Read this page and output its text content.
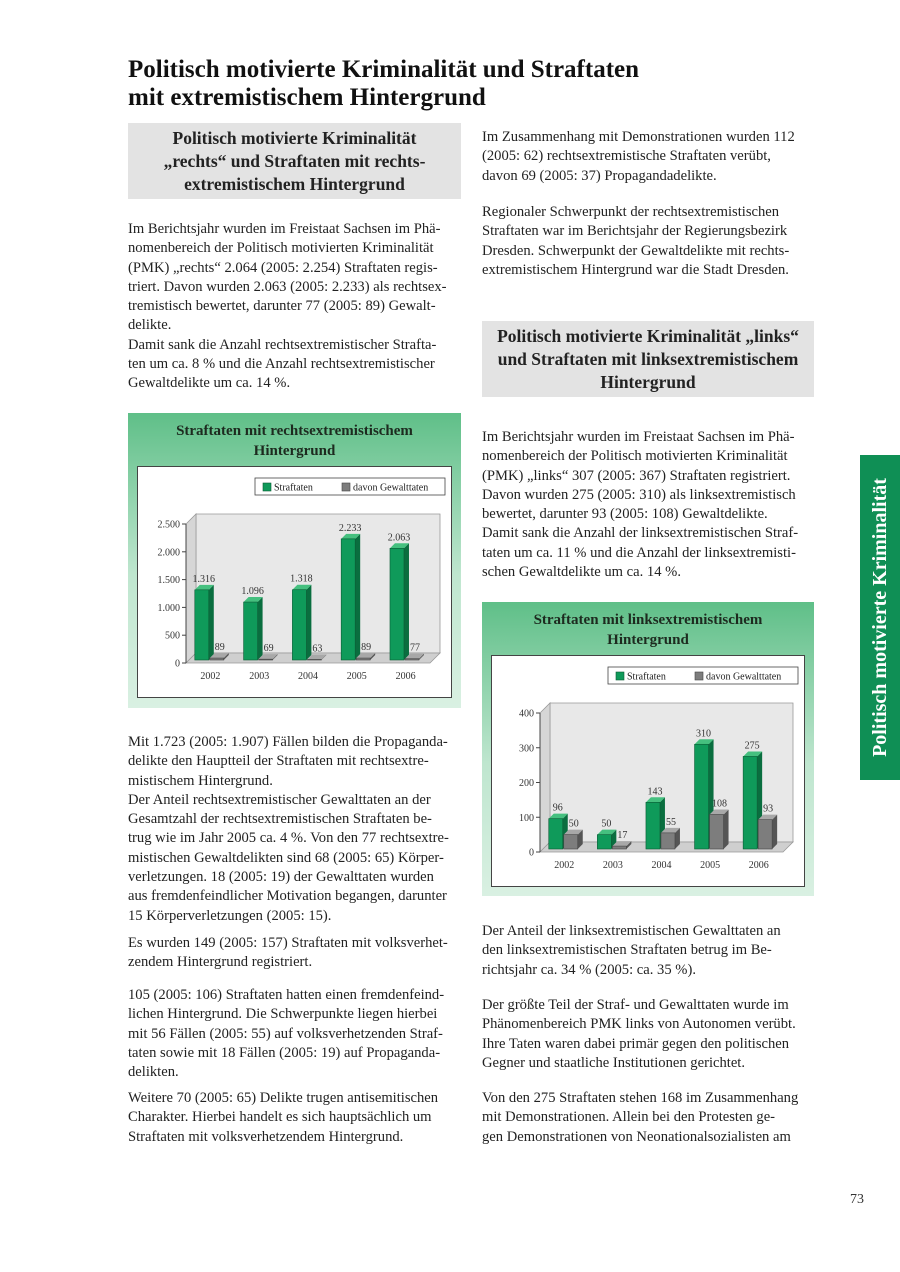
Politisch motivierte Kriminalität und Straftaten
mit extremistischem Hintergrund
Politisch motivierte Kriminalität
„rechts“ und Straftaten mit rechts-
extremistischem Hintergrund

Im Berichtsjahr wurden im Freistaat Sachsen im Phä-
nomenbereich der Politisch motivierten Kriminalität
(PMK) „rechts“ 2.064 (2005: 2.254) Straftaten regis-
triert. Davon wurden 2.063 (2005: 2.233) als rechtsex-
tremistisch bewertet, darunter 77 (2005: 89) Gewalt-
delikte.
Damit sank die Anzahl rechtsextremistischer Strafta-
ten um ca. 8 % und die Anzahl rechtsextremistischer
Gewaltdelikte um ca. 14 %.

Straftaten mit rechtsextremistischem
Hintergrund
0
500
1.000
1.500
2.000
2.500
1.316
89
2002
1.096
69
2003
1.318
63
2004
2.233
89
2005
2.063
77
2006
Straftaten	davon Gewalttaten

Mit 1.723 (2005: 1.907) Fällen bilden die Propaganda-
delikte den Hauptteil der Straftaten mit rechtsextre-
mistischem Hintergrund.
Der Anteil rechtsextremistischer Gewalttaten an der
Gesamtzahl der rechtsextremistischen Straftaten be-
trug wie im Jahr 2005 ca. 4 %. Von den 77 rechtsextre-
mistischen Gewaltdelikten sind 68 (2005: 65) Körper-
verletzungen. 18 (2005: 19) der Gewalttaten wurden
aus fremdenfeindlicher Motivation begangen, darunter
15 Körperverletzungen (2005: 15).

Es wurden 149 (2005: 157) Straftaten mit volksverhet-
zendem Hintergrund registriert.

105 (2005: 106) Straftaten hatten einen fremdenfeind-
lichen Hintergrund. Die Schwerpunkte liegen hierbei
mit 56 Fällen (2005: 55) auf volksverhetzenden Straf-
taten sowie mit 18 Fällen (2005: 19) auf Propaganda-
delikten.

Weitere 70 (2005: 65) Delikte trugen antisemitischen
Charakter. Hierbei handelt es sich hauptsächlich um
Straftaten mit volksverhetzendem Hintergrund.

Im Zusammenhang mit Demonstrationen wurden 112
(2005: 62) rechtsextremistische Straftaten verübt,
davon 69 (2005: 37) Propagandadelikte.

Regionaler Schwerpunkt der rechtsextremistischen
Straftaten war im Berichtsjahr der Regierungsbezirk
Dresden. Schwerpunkt der Gewaltdelikte mit rechts-
extremistischem Hintergrund war die Stadt Dresden.

Politisch motivierte Kriminalität „links“
und Straftaten mit linksextremistischem
Hintergrund

Im Berichtsjahr wurden im Freistaat Sachsen im Phä-
nomenbereich der Politisch motivierten Kriminalität
(PMK) „links“ 307 (2005: 367) Straftaten registriert.
Davon wurden 275 (2005: 310) als linksextremistisch
bewertet, darunter 93 (2005: 108) Gewaltdelikte.
Damit sank die Anzahl der linksextremistischen Straf-
taten um ca. 11 % und die Anzahl der linksextremisti-
schen Gewaltdelikte um ca. 14 %.

Straftaten mit linksextremistischem
Hintergrund
0
100
200
300
400
96
50
2002
50
17
2003
143
55
2004
310
108
2005
275
93
2006
Straftaten	davon Gewalttaten

Der Anteil der linksextremistischen Gewalttaten an
den linksextremistischen Straftaten betrug im Be-
richtsjahr ca. 34 % (2005: ca. 35 %).

Der größte Teil der Straf- und Gewalttaten wurde im
Phänomenbereich PMK links von Autonomen verübt.
Ihre Taten waren dabei primär gegen den politischen
Gegner und staatliche Institutionen gerichtet.

Von den 275 Straftaten stehen 168 im Zusammenhang
mit Demonstrationen. Allein bei den Protesten ge-
gen Demonstrationen von Neonationalsozialisten am

Politisch motivierte Kriminalität
73
